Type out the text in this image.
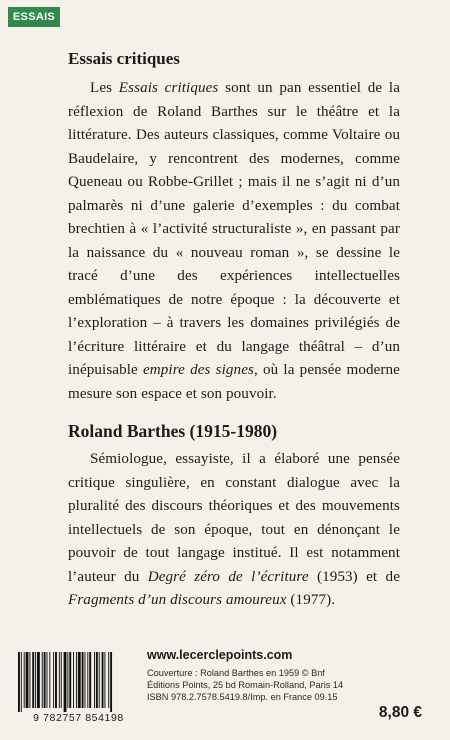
ESSAIS
Essais critiques

Les Essais critiques sont un pan essentiel de la réflexion de Roland Barthes sur le théâtre et la littérature. Des auteurs classiques, comme Voltaire ou Baudelaire, y rencontrent des modernes, comme Queneau ou Robbe-Grillet ; mais il ne s’agit ni d’un palmarès ni d’une galerie d’exemples : du combat brechtien à « l’activité structuraliste », en passant par la naissance du « nouveau roman », se dessine le tracé d’une des expériences intellectuelles emblématiques de notre époque : la découverte et l’exploration – à travers les domaines privilégiés de l’écriture littéraire et du langage théâtral – d’un inépuisable empire des signes, où la pensée moderne mesure son espace et son pouvoir.

Roland Barthes (1915-1980)

Sémiologue, essayiste, il a élaboré une pensée critique singulière, en constant dialogue avec la pluralité des discours théoriques et des mouvements intellectuels de son époque, tout en dénonçant le pouvoir de tout langage institué. Il est notamment l’auteur du Degré zéro de l’écriture (1953) et de Fragments d’un discours amoureux (1977).

9 782757 854198
www.lecerclepoints.com
Couverture : Roland Barthes en 1959 © Bnf
Éditions Points, 25 bd Romain-Rolland, Paris 14
ISBN 978.2.7578.5419.8/Imp. en France 09.15
8,80 €
